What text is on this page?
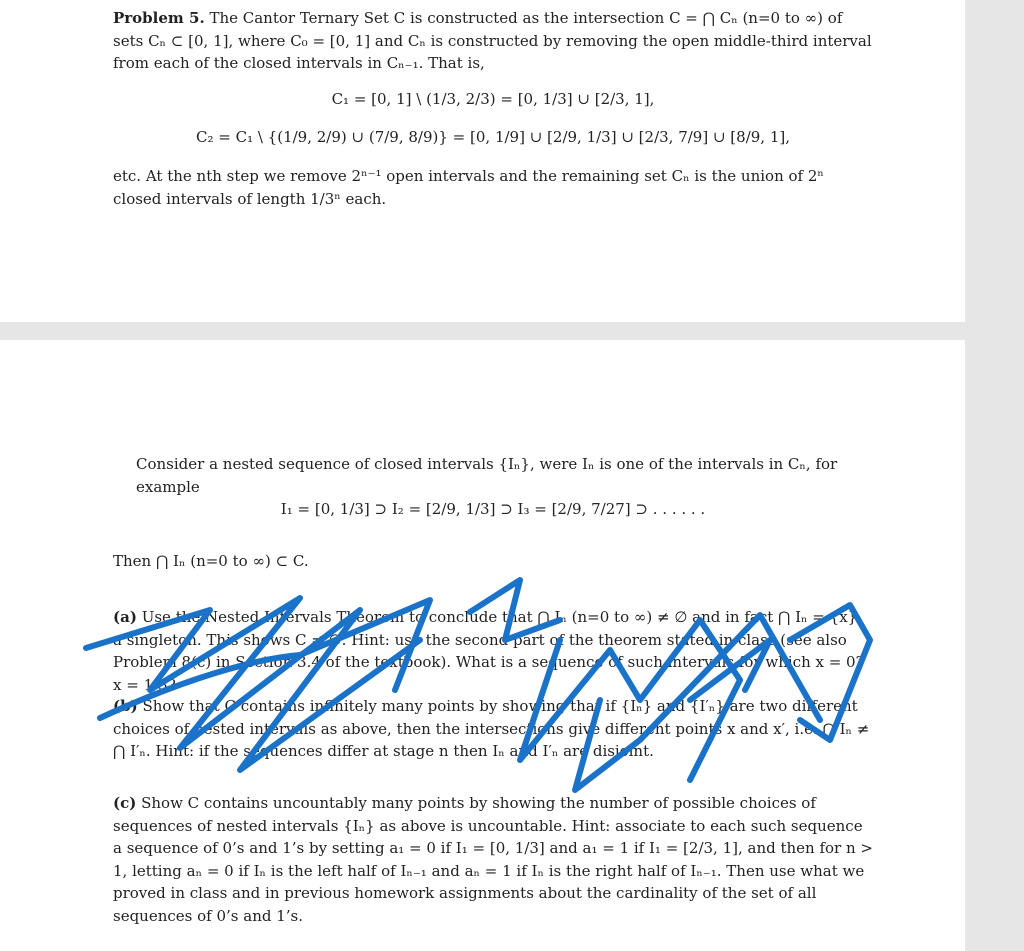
Problem 5. The Cantor Ternary Set C is constructed as the intersection C = ⋂ Cₙ (n=0 to ∞) of sets Cₙ ⊂ [0, 1], where C₀ = [0, 1] and Cₙ is constructed by removing the open middle-third interval from each of the closed intervals in Cₙ₋₁. That is,

C₁ = [0, 1] \ (1/3, 2/3) = [0, 1/3] ∪ [2/3, 1],
C₂ = C₁ \ {(1/9, 2/9) ∪ (7/9, 8/9)} = [0, 1/9] ∪ [2/9, 1/3] ∪ [2/3, 7/9] ∪ [8/9, 1],

etc. At the nth step we remove 2ⁿ⁻¹ open intervals and the remaining set Cₙ is the union of 2ⁿ closed intervals of length 1/3ⁿ each.

Consider a nested sequence of closed intervals {Iₙ}, were Iₙ is one of the intervals in Cₙ, for example

I₁ = [0, 1/3] ⊃ I₂ = [2/9, 1/3] ⊃ I₃ = [2/9, 7/27] ⊃ . . . . . .

Then ⋂ Iₙ (n=0 to ∞) ⊂ C.

(a) Use the Nested Intervals Theorem to conclude that ⋂ Iₙ (n=0 to ∞) ≠ ∅ and in fact ⋂ Iₙ = {x}, a singleton. This shows C ≠ ∅. Hint: use the second part of the theorem stated in class (see also Problem 8(c) in Section 3.4 of the textbook). What is a sequence of such intervals for which x = 0? x = 1/3?

(b) Show that C contains infinitely many points by showing that if {Iₙ} and {I′ₙ} are two different choices of nested intervals as above, then the intersections give different points x and x′, i.e. ⋂ Iₙ ≠ ⋂ I′ₙ. Hint: if the sequences differ at stage n then Iₙ and I′ₙ are disjoint.

(c) Show C contains uncountably many points by showing the number of possible choices of sequences of nested intervals {Iₙ} as above is uncountable. Hint: associate to each such sequence a sequence of 0’s and 1’s by setting a₁ = 0 if I₁ = [0, 1/3] and a₁ = 1 if I₁ = [2/3, 1], and then for n > 1, letting aₙ = 0 if Iₙ is the left half of Iₙ₋₁ and aₙ = 1 if Iₙ is the right half of Iₙ₋₁. Then use what we proved in class and in previous homework assignments about the cardinality of the set of all sequences of 0’s and 1’s.
